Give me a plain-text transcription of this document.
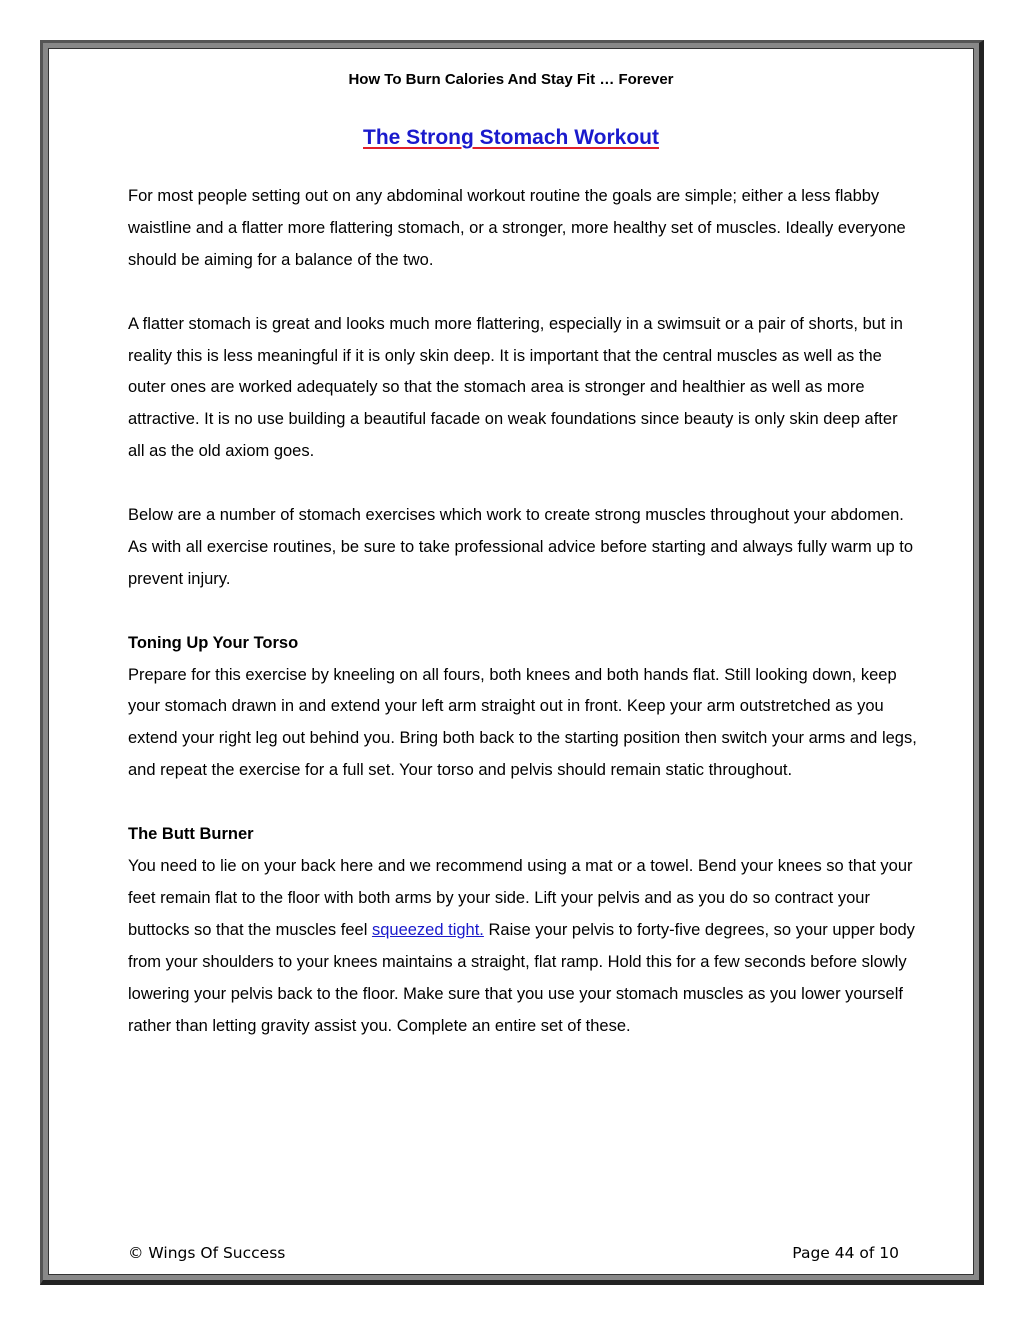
How To Burn Calories And Stay Fit … Forever
The Strong Stomach Workout

For most people setting out on any abdominal workout routine the goals are simple; either a less flabby waistline and a flatter more flattering stomach, or a stronger, more healthy set of muscles. Ideally everyone should be aiming for a balance of the two.

A flatter stomach is great and looks much more flattering, especially in a swimsuit or a pair of shorts, but in reality this is less meaningful if it is only skin deep. It is important that the central muscles as well as the outer ones are worked adequately so that the stomach area is stronger and healthier as well as more attractive. It is no use building a beautiful facade on weak foundations since beauty is only skin deep after all as the old axiom goes.

Below are a number of stomach exercises which work to create strong muscles throughout your abdomen. As with all exercise routines, be sure to take professional advice before starting and always fully warm up to prevent injury.

Toning Up Your Torso

Prepare for this exercise by kneeling on all fours, both knees and both hands flat. Still looking down, keep your stomach drawn in and extend your left arm straight out in front. Keep your arm outstretched as you extend your right leg out behind you. Bring both back to the starting position then switch your arms and legs, and repeat the exercise for a full set. Your torso and pelvis should remain static throughout.

The Butt Burner

You need to lie on your back here and we recommend using a mat or a towel. Bend your knees so that your feet remain flat to the floor with both arms by your side. Lift your pelvis and as you do so contract your buttocks so that the muscles feel squeezed tight. Raise your pelvis to forty-five degrees, so your upper body from your shoulders to your knees maintains a straight, flat ramp. Hold this for a few seconds before slowly lowering your pelvis back to the floor. Make sure that you use your stomach muscles as you lower yourself rather than letting gravity assist you. Complete an entire set of these.

© Wings Of Success	Page 44 of 10
